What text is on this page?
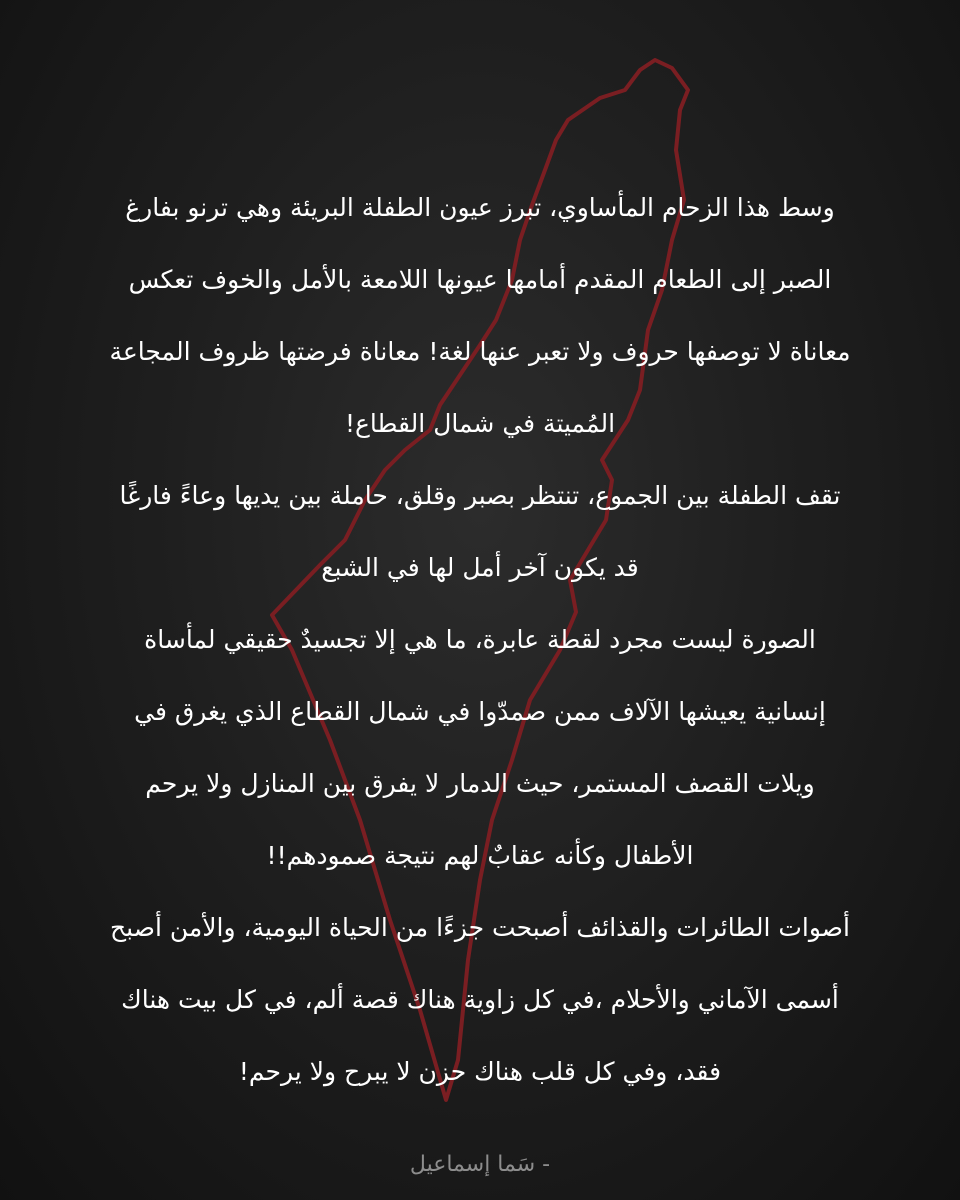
وسط هذا الزحام المأساوي، تبرز عيون الطفلة البريئة وهي ترنو بفارغ

الصبر إلى الطعام المقدم أمامها عيونها اللامعة بالأمل والخوف تعكس

معاناة لا توصفها حروف ولا تعبر عنها لغة! معاناة فرضتها ظروف المجاعة

المُميتة في شمال القطاع!

تقف الطفلة بين الجموع، تنتظر بصبر وقلق، حاملة بين يديها وعاءً فارغًا

قد يكون آخر أمل لها في الشبع

الصورة ليست مجرد لقطة عابرة، ما هي إلا تجسيدٌ حقيقي لمأساة

إنسانية يعيشها الآلاف ممن صمدّوا في شمال القطاع الذي يغرق في

ويلات القصف المستمر، حيث الدمار لا يفرق بين المنازل ولا يرحم

الأطفال وكأنه عقابٌ لهم نتيجة صمودهم!!

أصوات الطائرات والقذائف أصبحت جزءًا من الحياة اليومية، والأمن أصبح

أسمى الآماني والأحلام ،في كل زاوية هناك قصة ألم، في كل بيت هناك

فقد، وفي كل قلب هناك حزن لا يبرح ولا يرحم!

- سَما إسماعيل
